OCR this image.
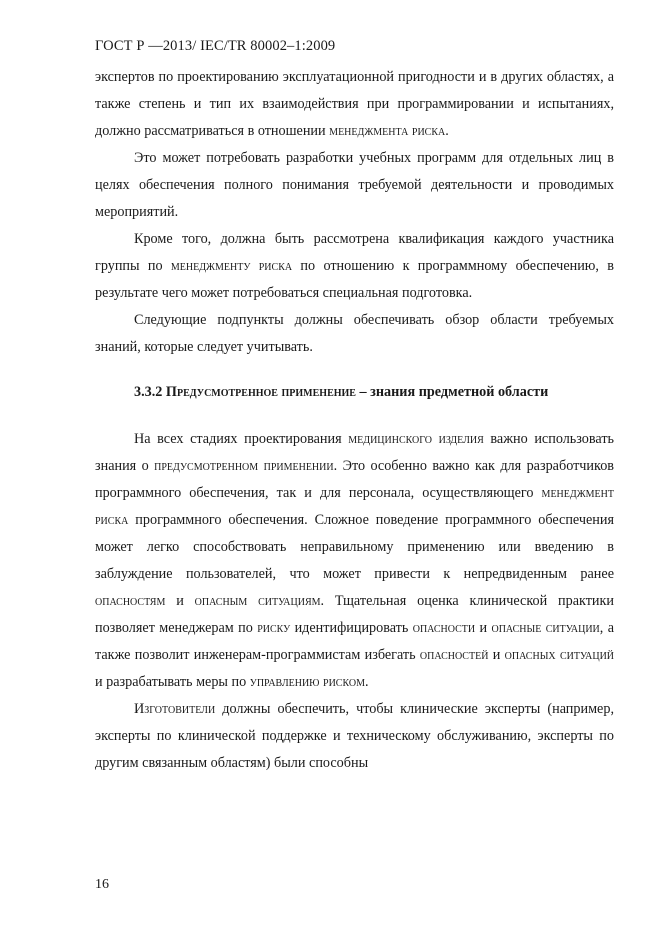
ГОСТ Р —2013/ IEC/TR 80002–1:2009

экспертов по проектированию эксплуатационной пригодности и в других областях, а также степень и тип их взаимодействия при программировании и испытаниях, должно рассматриваться в отношении менеджмента риска.

Это может потребовать разработки учебных программ для отдельных лиц в целях обеспечения полного понимания требуемой деятельности и проводимых мероприятий.

Кроме того, должна быть рассмотрена квалификация каждого участника группы по менеджменту риска по отношению к программному обеспечению, в результате чего может потребоваться специальная подготовка.

Следующие подпункты должны обеспечивать обзор области требуемых знаний, которые следует учитывать.

3.3.2 Предусмотренное применение – знания предметной области

На всех стадиях проектирования медицинского изделия важно использовать знания о предусмотренном применении. Это особенно важно как для разработчиков программного обеспечения, так и для персонала, осуществляющего менеджмент риска программного обеспечения. Сложное поведение программного обеспечения может легко способствовать неправильному применению или введению в заблуждение пользователей, что может привести к непредвиденным ранее опасностям и опасным ситуациям. Тщательная оценка клинической практики позволяет менеджерам по риску идентифицировать опасности и опасные ситуации, а также позволит инженерам-программистам избегать опасностей и опасных ситуаций и разрабатывать меры по управлению риском.

Изготовители должны обеспечить, чтобы клинические эксперты (например, эксперты по клинической поддержке и техническому обслуживанию, эксперты по другим связанным областям) были способны

16
